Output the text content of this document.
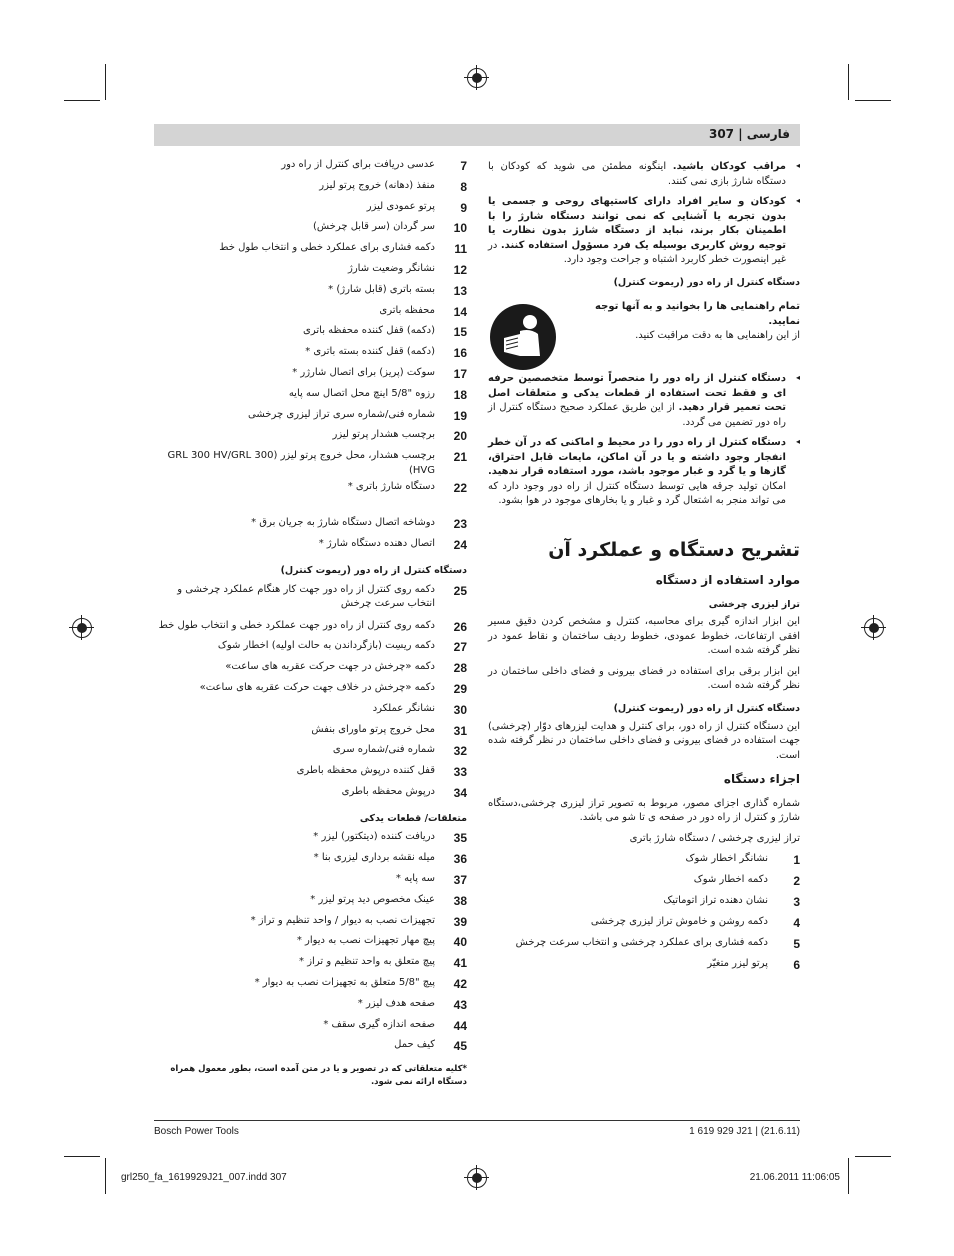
فارسی | 307
◂ مراقب کودکان باشید. اینگونه مطمئن می شوید که کودکان با دستگاه شارژ بازی نمی کنند.
◂ کودکان و سایر افراد دارای کاستیهای روحی و جسمی یا بدون تجربه یا آشنایی که نمی توانند دستگاه شارژ را با اطمینان بکار برند، نباید از دستگاه شارژ بدون نظارت یا توجیه روش کاربری بوسیله یک فرد مسؤول استفاده کنند. در غیر اینصورت خطر کاربرد اشتباه و جراحت وجود دارد.
دستگاه کنترل از راه دور (ریموت کنترل)
تمام راهنمایی ها را بخوانید و به آنها توجه نمایید.
از این راهنمایی ها به دقت مراقبت کنید.
◂ دستگاه کنترل از راه دور را منحصراً توسط متخصصین حرفه ای و فقط تحت استفاده از قطعات یدکی و متعلقات اصل تحت تعمیر قرار دهید. از این طریق عملکرد صحیح دستگاه کنترل از راه دور تضمین می گردد.
◂ دستگاه کنترل از راه دور را در محیط و اماکنی که در آن خطر انفجار وجود داشته و یا در آن اماکن، مایعات قابل احتراق، گازها و یا گرد و غبار موجود باشد، مورد استفاده قرار ندهید. امکان تولید جرقه هایی توسط دستگاه کنترل از راه دور وجود دارد که می تواند منجر به اشتعال گرد و غبار و یا بخارهای موجود در هوا بشود.
تشریح دستگاه و عملکرد آن
موارد استفاده از دستگاه
تراز لیزری چرخشی
این ابزار اندازه گیری برای محاسبه، کنترل و مشخص کردن دقیق مسیر افقی ارتفاعات، خطوط عمودی، خطوط ردیف ساختمان و نقاط عمود در نظر گرفته شده است.
این ابزار برقی برای استفاده در فضای بیرونی و فضای داخلی ساختمان در نظر گرفته شده است.
دستگاه کنترل از راه دور (ریموت کنترل)
این دستگاه کنترل از راه دور، برای کنترل و هدایت لیزرهای دوّار (چرخشی) جهت استفاده در فضای بیرونی و فضای داخلی ساختمان در نظر گرفته شده است.
اجزاء دستگاه
شماره گذاری اجزای مصور، مربوط به تصویر تراز لیزری چرخشی،دستگاه شارژ و کنترل از راه دور در صفحه ی تا شو می باشد.
تراز لیزری چرخشی / دستگاه شارژ باتری
1
نشانگر اخطار شوک
2
دکمه اخطار شوک
3
نشان دهنده تراز اتوماتیک
4
دکمه روشن و خاموش تراز لیزری چرخشی
5
دکمه فشاری برای عملکرد چرخشی و انتخاب سرعت چرخش
6
پرتو لیزر متغیّر
7
عدسی دریافت برای کنترل از راه دور
8
منفذ (دهانه) خروج پرتو لیزر
9
پرتو عمودی لیزر
10
سر گردان (سر قابل چرخش)
11
دکمه فشاری برای عملکرد خطی و انتخاب طول خط
12
نشانگر وضعیت شارژ
13
بسته باتری (قابل شارژ) *
14
محفظه باتری
15
(دکمه) قفل کننده محفظه باتری
16
(دکمه) قفل کننده بسته باتری *
17
سوکت (پریز) برای اتصال شارژر *
18
رزوه "5/8 اینچ محل اتصال سه پایه
19
شماره فنی/شماره سری تراز لیزری چرخشی
20
برچسب هشدار پرتو لیزر
21
برچسب هشدار، محل خروج پرتو لیزر (GRL 300 HV/GRL 300 HVG)
22
دستگاه شارژ باتری *
23
دوشاخه اتصال دستگاه شارژ به جریان برق *
24
اتصال دهنده دستگاه شارژ *
دستگاه کنترل از راه دور (ریموت کنترل)
25
دکمه روی کنترل از راه دور جهت کار هنگام عملکرد چرخشی و انتخاب سرعت چرخش
26
دکمه روی کنترل از راه دور جهت عملکرد خطی و انتخاب طول خط
27
دکمه ریسِت (بازگرداندن به حالت اولیه) اخطار شوک
28
دکمه «چرخش در جهت حرکت عقربه های ساعت»
29
دکمه «چرخش در خلاف جهت حرکت عقربه های ساعت»
30
نشانگر عملکرد
31
محل خروج پرتو ماورای بنفش
32
شماره فنی/شماره سری
33
قفل کننده درپوش محفظه باطری
34
درپوش محفظه باطری
متعلقات/ قطعات یدکی
35
دریافت کننده (دیتکتور) لیزر *
36
میله نقشه برداری لیزری بنا *
37
سه پایه *
38
عینک مخصوص دید پرتو لیزر *
39
تجهیزات نصب به دیوار / واحد تنظیم و تراز *
40
پیچ مهار تجهیزات نصب به دیوار *
41
پیچ متعلق به واحد تنظیم و تراز *
42
پیچ "5/8 متعلق به تجهیزات نصب به دیوار *
43
صفحه هدف لیزر *
44
صفحه اندازه گیری سقف *
45
کیف حمل
*کلیه متعلقاتی که در تصویر و یا در متن آمده است، بطور معمول همراه دستگاه ارائه نمی شود.
Bosch Power Tools	1 619 929 J21 | (21.6.11)
grl250_fa_1619929J21_007.indd 307	21.06.2011 11:06:05
